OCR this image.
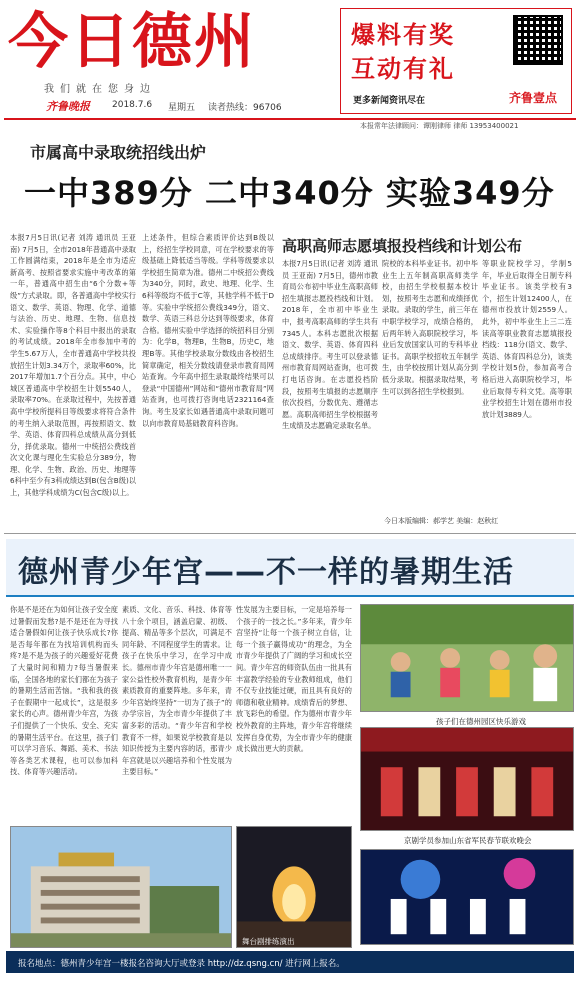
今日德州
我们就在您身边
齐鲁晚报 2018.7.6 星期五 读者热线：96706
爆料有奖
互动有礼
更多新闻资讯尽在	齐鲁壹点
本报常年法律顾问：谭刚律师 律师 13953400021
市属高中录取统招线出炉
一中389分 二中340分 实验349分
本报7月5日讯(记者 刘涛 通讯员 王亚南) 7月5日，全市2018年普通高中录取工作圆满结束，2018年是全市为适应新高考、按照省要求实施中考改革的第一年，普通高中招生由“6个分数+等级”方式录取。即，各普通高中学校实行语文、数学、英语、物理、化学、道德与法治、历史、地理、生物、信息技术、实验操作等8个科目中报出的录取的考试成绩。2018年全市参加中考的学生5.67万人，全市普通高中学校共投放招生计划3.34万个，录取率60%，比2017年增加1.7个百分点。其中，中心城区普通高中学校招生计划5540人，录取率70%。在录取过程中，先按普通高中学校所提科目等级要求将符合条件的考生纳入录取范围，再按照语文、数学、英语、体育四科总成绩从高分到低分，择优录取。德州一中统招公费线首次文化课与理化生实验总分389分，物理、化学、生物、政治、历史、地理等6科中至少有3科成绩达到B(包含B级)以上，其他学科成绩为C(包含C级)以上。
上述条件，但综合素质评价达到B级以上，经招生学校同意，可在学校要求的等级基础上降低适当等级。学科等级要求以学校招生简章为准。德州二中统招公费线为340分，同时，政史、地理、化学、生6科等级均不低于C等，其他学科不低于D等。实验中学统招公费线349分，语文、数学、英语三科总分达到等级要求，体育合格。德州实验中学选择的统招科目分别为：化学B，物理B，生物B，历史C，地理B等。其他学校录取分数线由各校招生简章确定，相关分数线请登录市教育局网站查询。今年高中招生录取最终结果可以登录“中国德州”网站和“德州市教育局”网站查询，也可拨打咨询电话2321164查询。考生及家长如遇普通高中录取问题可以向市教育局基础教育科咨询。
高职高师志愿填报投档线和计划公布
本报7月5日讯(记者 刘涛 通讯员 王亚南) 7月5日，德州市教育局公布初中毕业生高职高师招生填报志愿投档线和计划。2018年，全市初中毕业生中，报考高职高师的学生共有7345人。本科志愿批次根据语文、数学、英语、体育四科总成绩排序。考生可以登录德州市教育局网站查询，也可拨打电话咨询。在志愿投档阶段，按照考生填报的志愿顺序依次投档，分数优先、遵循志愿。高职高师招生学校根据考生成绩及志愿确定录取名单。
院校的本科毕业证书。初中毕业生上五年制高职高师类学校，由招生学校根据本校计划，按照考生志愿和成绩择优录取。录取的学生，前三年在中职学校学习，成绩合格的，后两年转入高职院校学习，毕业后发放国家认可的专科毕业证书。高职学校招收五年制学生，由学校按照计划从高分到低分录取。根据录取结果，考生可以到各招生学校报到。
等职业院校学习，学制5年，毕业后取得全日制专科毕业证书。该类学校有3个，招生计划12400人，在德州市投放计划2559人。此外，初中毕业生上三二连读高等职业教育志愿填报投档线：118分(语文、数学、英语、体育四科总分)，该类学校计划5份，参加高考合格后进入高职院校学习，毕业后取得专科文凭。高等职业学校招生计划在德州市投放计划3889人。
今日本版编辑：郝学艺 美编：赵秋红
德州青少年宫——不一样的暑期生活
你是不是还在为如何让孩子安全度过暑假而发愁?是不是还在为寻找适合暑假如何让孩子快乐成长?你是否每年都在为找培训机构而头疼?是不是为孩子的兴趣爱好花费了大量时间和精力?每当暑假来临，全国各地的家长们都在为孩子的暑期生活而苦恼。“我和我的孩子在假期中一起成长”，这是很多家长的心声。德州青少年宫，为孩子们提供了一个快乐、安全、充实的暑期生活平台。在这里，孩子们可以学习音乐、舞蹈、美术、书法等各类艺术课程，也可以参加科技、体育等兴趣活动。
素质、文化、音乐、科技、体育等八十余个项目，涵盖启蒙、初级、提高、精品等多个层次，可满足不同年龄、不同程度学生的需求。让孩子在快乐中学习，在学习中成长。德州市青少年宫是德州唯一一家公益性校外教育机构，是青少年素质教育的重要阵地。多年来，青少年宫始终坚持“一切为了孩子”的办学宗旨，为全市青少年提供了丰富多彩的活动。“青少年宫和学校教育不一样，如果说学校教育是以知识传授为主要内容的话，那青少年宫就是以兴趣培养和个性发展为主要目标。”
性发展为主要目标，一定是培养每一个孩子的一技之长。”多年来，青少年宫坚持“让每一个孩子树立自信，让每一个孩子赢得成功”的理念，为全市青少年提供了广阔的学习和成长空间。青少年宫的师资队伍由一批具有丰富教学经验的专业教师组成，他们不仅专业技能过硬，而且具有良好的师德和敬业精神。成绩背后的梦想、放飞彩色的希望。作为德州市青少年校外教育的主阵地，青少年宫将继续发挥自身优势，为全市青少年的健康成长做出更大的贡献。
舞台剧排练演出
孩子们在德州园区快乐游戏
京剧学员参加山东省军民春节联欢晚会
报名地点：德州青少年宫一楼报名咨询大厅或登录 http://dz.qsng.cn/ 进行网上报名。
